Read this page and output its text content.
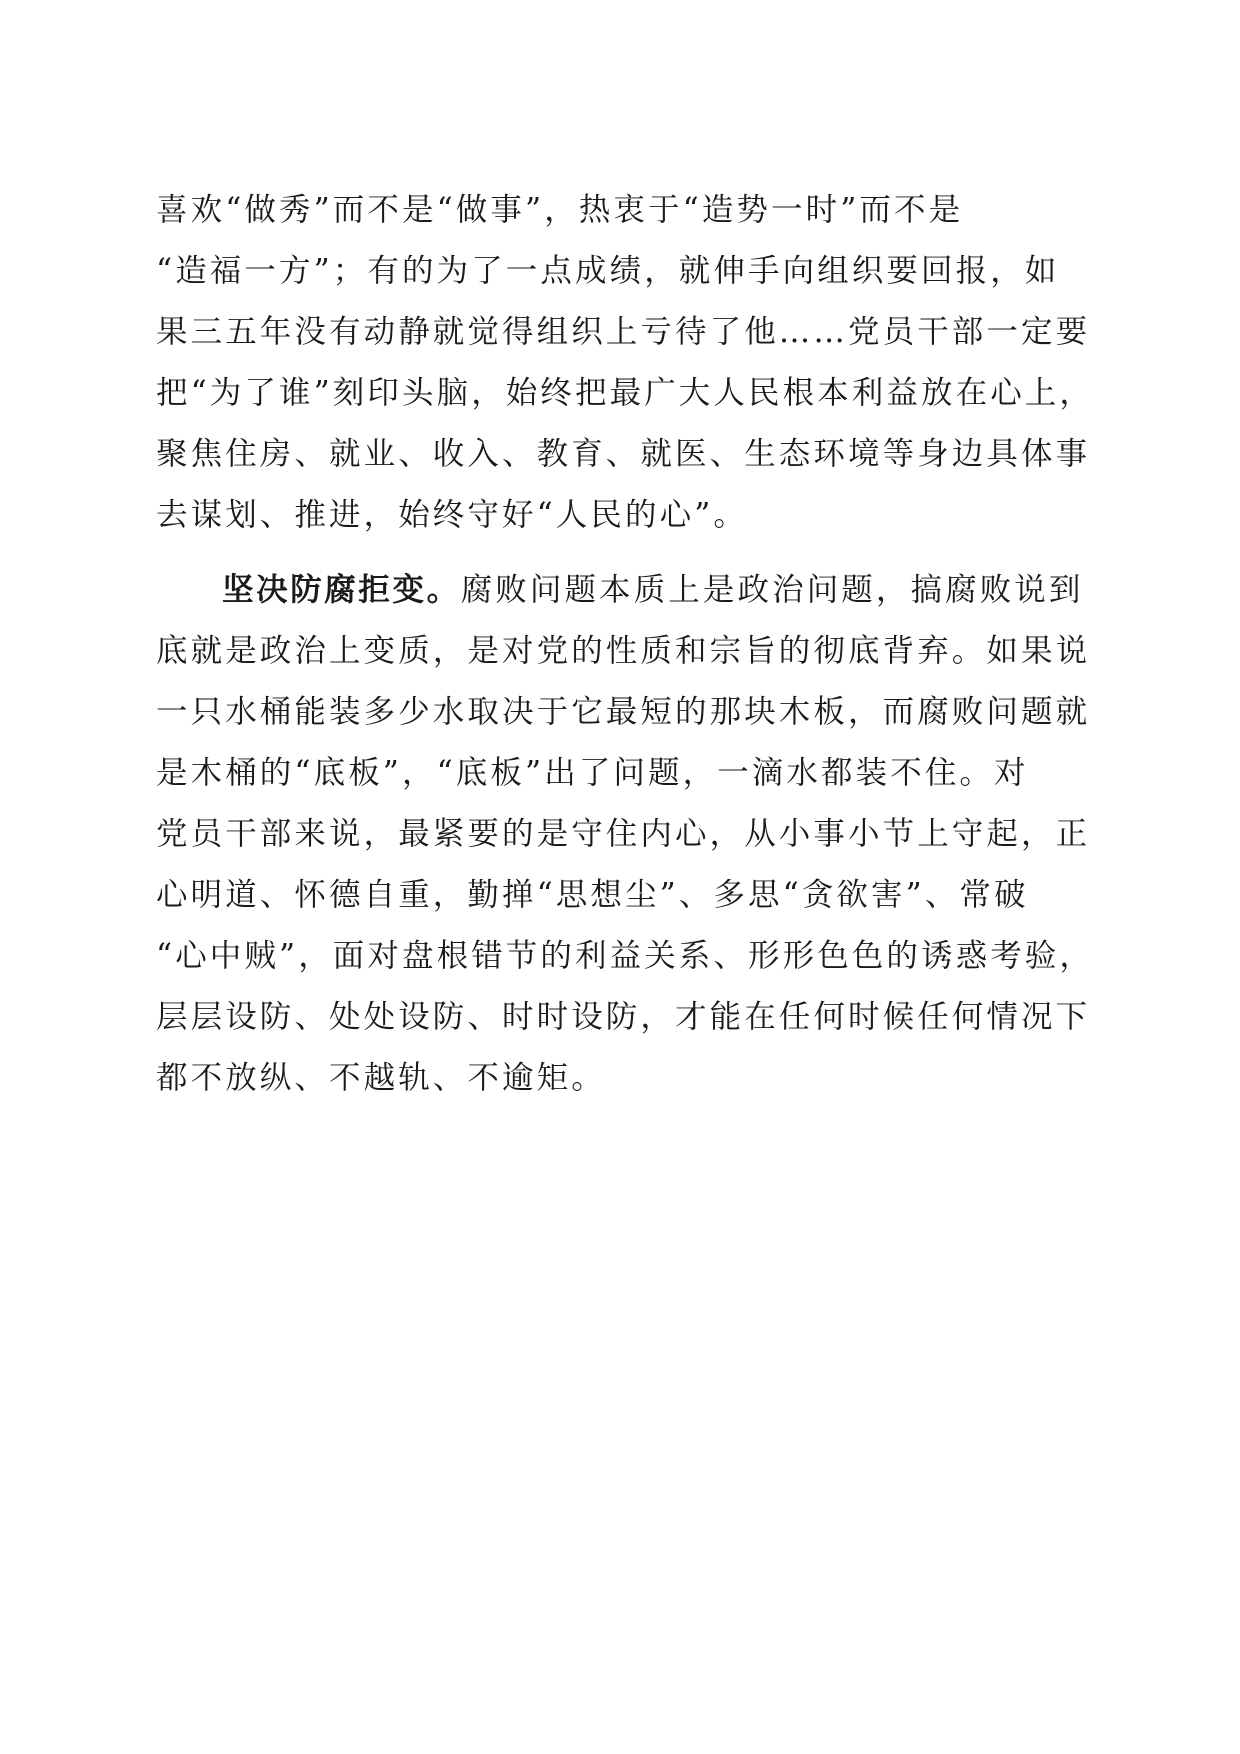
喜欢“做秀”而不是“做事”，热衷于“造势一时”而不是
“造福一方”；有的为了一点成绩，就伸手向组织要回报，如
果三五年没有动静就觉得组织上亏待了他……党员干部一定要
把“为了谁”刻印头脑，始终把最广大人民根本利益放在心上，
聚焦住房、就业、收入、教育、就医、生态环境等身边具体事
去谋划、推进，始终守好“人民的心”。
坚决防腐拒变。腐败问题本质上是政治问题，搞腐败说到
底就是政治上变质，是对党的性质和宗旨的彻底背弃。如果说
一只水桶能装多少水取决于它最短的那块木板，而腐败问题就
是木桶的“底板”，“底板”出了问题，一滴水都装不住。对
党员干部来说，最紧要的是守住内心，从小事小节上守起，正
心明道、怀德自重，勤掸“思想尘”、多思“贪欲害”、常破
“心中贼”，面对盘根错节的利益关系、形形色色的诱惑考验，
层层设防、处处设防、时时设防，才能在任何时候任何情况下
都不放纵、不越轨、不逾矩。
